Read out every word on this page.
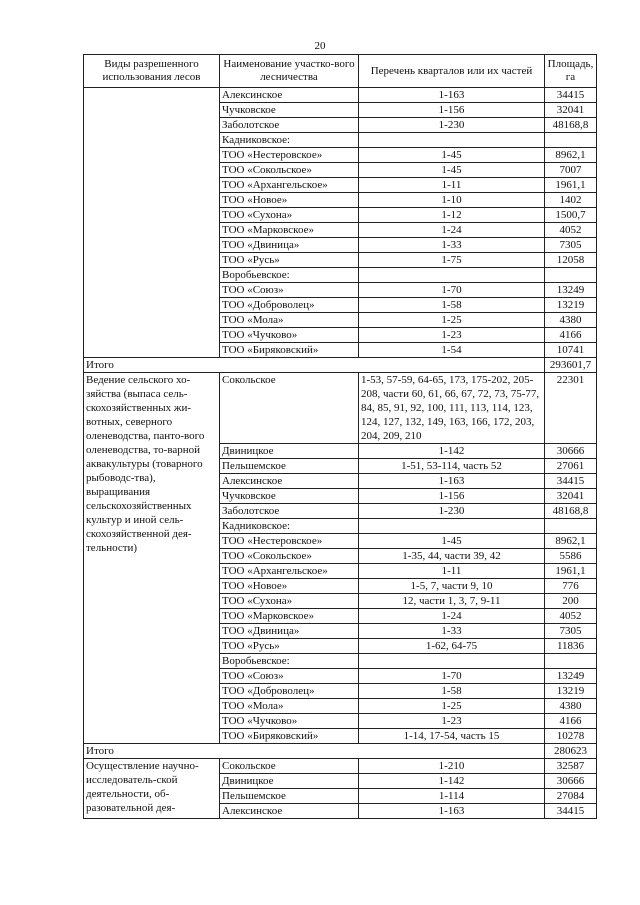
20
Виды разрешенного использования лесов	Наименование участко-вого лесничества	Перечень кварталов или их частей	Площадь, га
	Алексинское	1-163	34415
	Чучковское	1-156	32041
	Заболотское	1-230	48168,8
	Кадниковское:		
	ТОО «Нестеровское»	1-45	8962,1
	ТОО «Сокольское»	1-45	7007
	ТОО «Архангельское»	1-11	1961,1
	ТОО «Новое»	1-10	1402
	ТОО «Сухона»	1-12	1500,7
	ТОО «Марковское»	1-24	4052
	ТОО «Двиница»	1-33	7305
	ТОО «Русь»	1-75	12058
	Воробьевское:		
	ТОО «Союз»	1-70	13249
	ТОО «Доброволец»	1-58	13219
	ТОО «Мола»	1-25	4380
	ТОО «Чучково»	1-23	4166
	ТОО «Биряковский»	1-54	10741
Итого			293601,7
Ведение сельского хо-зяйства (выпаса сель-скохозяйственных жи-вотных, северного оленеводства, панто-вого оленеводства, то-варной аквакультуры (товарного рыбоводс-тва), выращивания сельскохозяйственных культур и иной сель-скохозяйственной дея-тельности)	Сокольское	1-53, 57-59, 64-65, 173, 175-202, 205-208, части 60, 61, 66, 67, 72, 73, 75-77, 84, 85, 91, 92, 100, 111, 113, 114, 123, 124, 127, 132, 149, 163, 166, 172, 203, 204, 209, 210	22301
	Двиницкое	1-142	30666
	Пельшемское	1-51, 53-114, часть 52	27061
	Алексинское	1-163	34415
	Чучковское	1-156	32041
	Заболотское	1-230	48168,8
	Кадниковское:		
	ТОО «Нестеровское»	1-45	8962,1
	ТОО «Сокольское»	1-35, 44, части 39, 42	5586
	ТОО «Архангельское»	1-11	1961,1
	ТОО «Новое»	1-5, 7, части 9, 10	776
	ТОО «Сухона»	12, части 1, 3, 7, 9-11	200
	ТОО «Марковское»	1-24	4052
	ТОО «Двиница»	1-33	7305
	ТОО «Русь»	1-62, 64-75	11836
	Воробьевское:		
	ТОО «Союз»	1-70	13249
	ТОО «Доброволец»	1-58	13219
	ТОО «Мола»	1-25	4380
	ТОО «Чучково»	1-23	4166
	ТОО «Биряковский»	1-14, 17-54, часть 15	10278
Итого			280623
Осуществление научно-исследователь-ской деятельности, об-разовательной дея-	Сокольское	1-210	32587
	Двиницкое	1-142	30666
	Пельшемское	1-114	27084
	Алексинское	1-163	34415
